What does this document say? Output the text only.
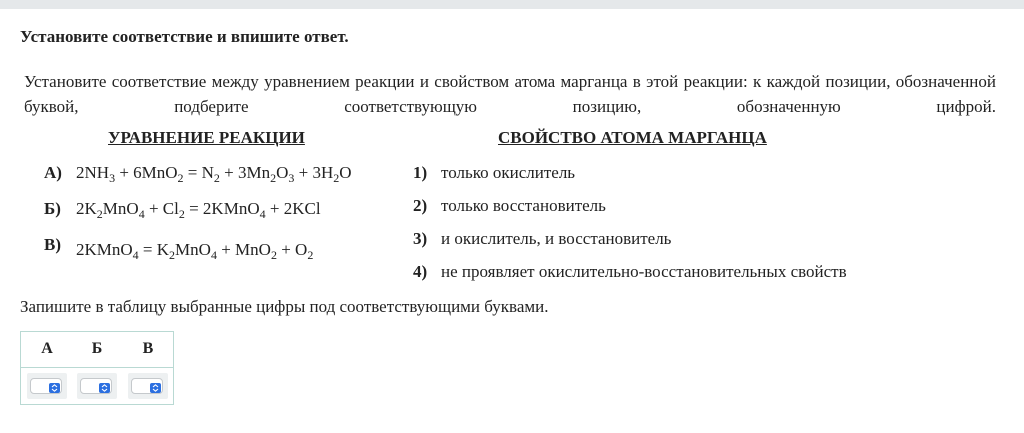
Установите соответствие и впишите ответ.
Установите соответствие между уравнением реакции и свойством атома марганца в этой реакции: к каждой позиции, обозначенной буквой, подберите соответствующую позицию, обозначенную цифрой.
УРАВНЕНИЕ РЕАКЦИИ	СВОЙСТВО АТОМА МАРГАНЦА
А) $2NH_3 + 6MnO_2 = N_2 + 3Mn_2O_3 + 3H_2O$
Б) $2K_2MnO_4 + Cl_2$ = 2KMnO$_4$ + 2KCl
В) 2KMnO$_4$ = $K_2MnO_4 + MnO_2 + O_2$
1) только окислитель
2) только восстановитель
3) и окислитель, и восстановитель
4) не проявляет окислительно-восстановительных свойств
Запишите в таблицу выбранные цифры под соответствующими буквами.
А	Б	В
